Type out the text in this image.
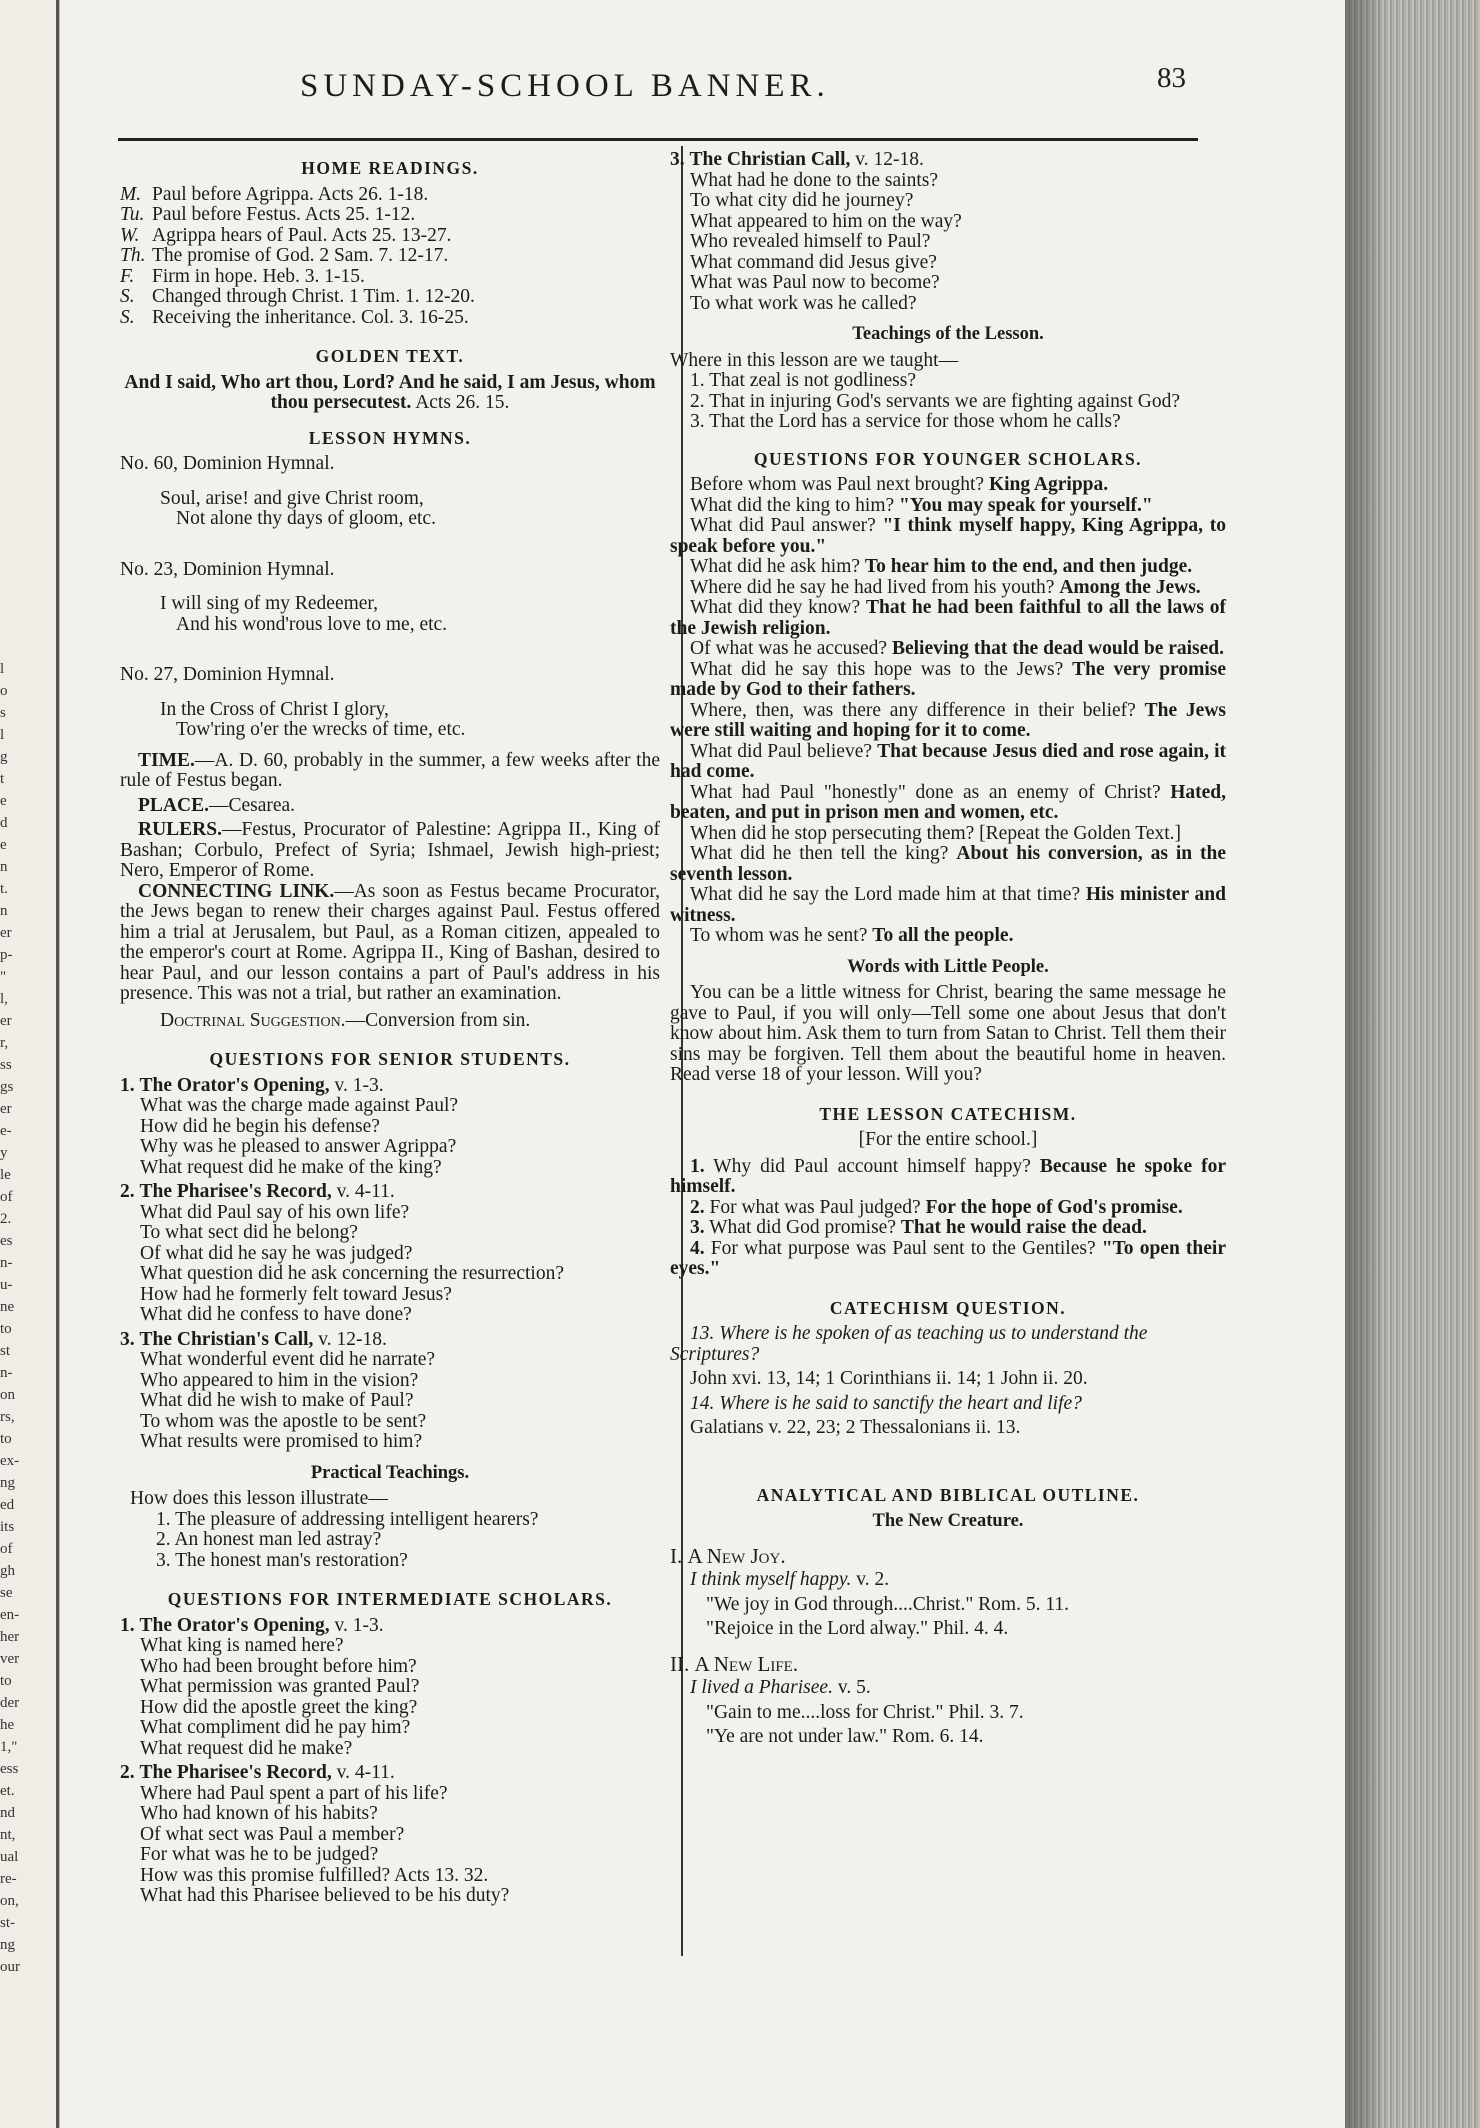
l
o
s
l
g
t
e
d
e
n
t.
n
er
p-
"
l,
er
r,
ss
gs
er
e-
y
le
of
2.
es
n-
u-
ne
to
st
n-
on
rs,
to
ex-
ng
ed
its
of
gh
se
en-
her
ver
to
der
he
1,"
ess
et.
nd
nt,
ual
re-
on,
st-
ng
our
SUNDAY-SCHOOL BANNER.	83
HOME READINGS.

M. Paul before Agrippa. Acts 26. 1-18.

Tu. Paul before Festus. Acts 25. 1-12.

W. Agrippa hears of Paul. Acts 25. 13-27.

Th. The promise of God. 2 Sam. 7. 12-17.

F. Firm in hope. Heb. 3. 1-15.

S. Changed through Christ. 1 Tim. 1. 12-20.

S. Receiving the inheritance. Col. 3. 16-25.

GOLDEN TEXT.

And I said, Who art thou, Lord? And he said, I am Jesus, whom thou persecutest. Acts 26. 15.

LESSON HYMNS.

No. 60, Dominion Hymnal.

Soul, arise! and give Christ room,

Not alone thy days of gloom, etc.

No. 23, Dominion Hymnal.

I will sing of my Redeemer,

And his wond'rous love to me, etc.

No. 27, Dominion Hymnal.

In the Cross of Christ I glory,

Tow'ring o'er the wrecks of time, etc.

TIME.—A. D. 60, probably in the summer, a few weeks after the rule of Festus began.

PLACE.—Cesarea.

RULERS.—Festus, Procurator of Palestine: Agrippa II., King of Bashan; Corbulo, Prefect of Syria; Ishmael, Jewish high-priest; Nero, Emperor of Rome.

CONNECTING LINK.—As soon as Festus became Procurator, the Jews began to renew their charges against Paul. Festus offered him a trial at Jerusalem, but Paul, as a Roman citizen, appealed to the emperor's court at Rome. Agrippa II., King of Bashan, desired to hear Paul, and our lesson contains a part of Paul's address in his presence. This was not a trial, but rather an examination.

Doctrinal Suggestion.—Conversion from sin.

QUESTIONS FOR SENIOR STUDENTS.

1. The Orator's Opening, v. 1-3.

What was the charge made against Paul?

How did he begin his defense?

Why was he pleased to answer Agrippa?

What request did he make of the king?

2. The Pharisee's Record, v. 4-11.

What did Paul say of his own life?

To what sect did he belong?

Of what did he say he was judged?

What question did he ask concerning the resurrection?

How had he formerly felt toward Jesus?

What did he confess to have done?

3. The Christian's Call, v. 12-18.

What wonderful event did he narrate?

Who appeared to him in the vision?

What did he wish to make of Paul?

To whom was the apostle to be sent?

What results were promised to him?

Practical Teachings.

How does this lesson illustrate—

1. The pleasure of addressing intelligent hearers?

2. An honest man led astray?

3. The honest man's restoration?

QUESTIONS FOR INTERMEDIATE SCHOLARS.

1. The Orator's Opening, v. 1-3.

What king is named here?

Who had been brought before him?

What permission was granted Paul?

How did the apostle greet the king?

What compliment did he pay him?

What request did he make?

2. The Pharisee's Record, v. 4-11.

Where had Paul spent a part of his life?

Who had known of his habits?

Of what sect was Paul a member?

For what was he to be judged?

How was this promise fulfilled? Acts 13. 32.

What had this Pharisee believed to be his duty?

3. The Christian Call, v. 12-18.

What had he done to the saints?

To what city did he journey?

What appeared to him on the way?

Who revealed himself to Paul?

What command did Jesus give?

What was Paul now to become?

To what work was he called?

Teachings of the Lesson.

Where in this lesson are we taught—

1. That zeal is not godliness?

2. That in injuring God's servants we are fighting against God?

3. That the Lord has a service for those whom he calls?

QUESTIONS FOR YOUNGER SCHOLARS.

Before whom was Paul next brought? King Agrippa.

What did the king to him? "You may speak for yourself."

What did Paul answer? "I think myself happy, King Agrippa, to speak before you."

What did he ask him? To hear him to the end, and then judge.

Where did he say he had lived from his youth? Among the Jews.

What did they know? That he had been faithful to all the laws of the Jewish religion.

Of what was he accused? Believing that the dead would be raised.

What did he say this hope was to the Jews? The very promise made by God to their fathers.

Where, then, was there any difference in their belief? The Jews were still waiting and hoping for it to come.

What did Paul believe? That because Jesus died and rose again, it had come.

What had Paul "honestly" done as an enemy of Christ? Hated, beaten, and put in prison men and women, etc.

When did he stop persecuting them? [Repeat the Golden Text.]

What did he then tell the king? About his conversion, as in the seventh lesson.

What did he say the Lord made him at that time? His minister and witness.

To whom was he sent? To all the people.

Words with Little People.

You can be a little witness for Christ, bearing the same message he gave to Paul, if you will only—Tell some one about Jesus that don't know about him. Ask them to turn from Satan to Christ. Tell them their sins may be forgiven. Tell them about the beautiful home in heaven. Read verse 18 of your lesson. Will you?

THE LESSON CATECHISM.

[For the entire school.]

1. Why did Paul account himself happy? Because he spoke for himself.

2. For what was Paul judged? For the hope of God's promise.

3. What did God promise? That he would raise the dead.

4. For what purpose was Paul sent to the Gentiles? "To open their eyes."

CATECHISM QUESTION.

13. Where is he spoken of as teaching us to understand the Scriptures?

John xvi. 13, 14; 1 Corinthians ii. 14; 1 John ii. 20.

14. Where is he said to sanctify the heart and life?

Galatians v. 22, 23; 2 Thessalonians ii. 13.

ANALYTICAL AND BIBLICAL OUTLINE.
The New Creature.

I. A New Joy.

I think myself happy. v. 2.

"We joy in God through....Christ." Rom. 5. 11.

"Rejoice in the Lord alway." Phil. 4. 4.

II. A New Life.

I lived a Pharisee. v. 5.

"Gain to me....loss for Christ." Phil. 3. 7.

"Ye are not under law." Rom. 6. 14.
